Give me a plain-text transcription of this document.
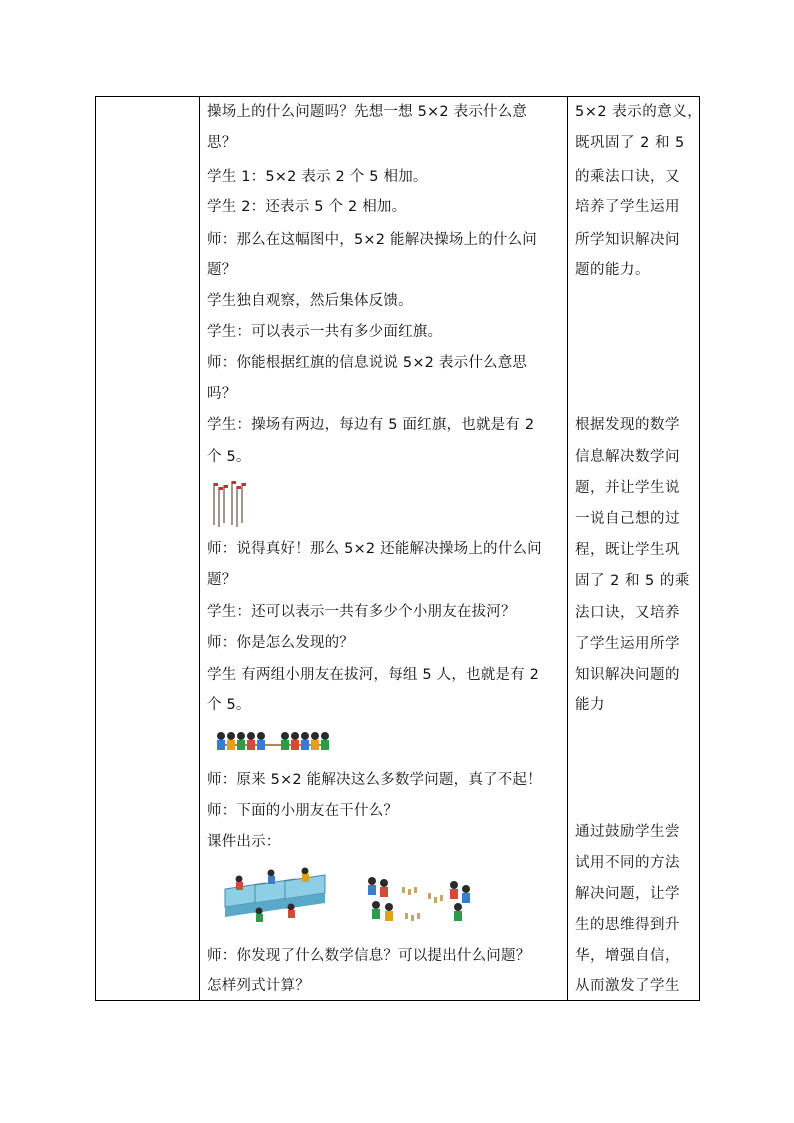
操场上的什么问题吗？先想一想 5×2 表示什么意
思？
学生 1：5×2 表示 2 个 5 相加。
学生 2：还表示 5 个 2 相加。
师：那么在这幅图中，5×2 能解决操场上的什么问
题？
学生独自观察，然后集体反馈。
学生：可以表示一共有多少面红旗。
师：你能根据红旗的信息说说 5×2 表示什么意思
吗？
学生：操场有两边，每边有 5 面红旗，也就是有 2
个 5。
师：说得真好！那么 5×2 还能解决操场上的什么问
题？
学生：还可以表示一共有多少个小朋友在拔河？
师：你是怎么发现的？
学生 有两组小朋友在拔河，每组 5 人，也就是有 2
个 5。
师：原来 5×2 能解决这么多数学问题，真了不起！
师：下面的小朋友在干什么？
课件出示：
师：你发现了什么数学信息？可以提出什么问题？
怎样列式计算？
5×2 表示的意义，
既巩固了 2 和 5
的乘法口诀，又
培养了学生运用
所学知识解决问
题的能力。
根据发现的数学
信息解决数学问
题，并让学生说
一说自己想的过
程，既让学生巩
固了 2 和 5 的乘
法口诀，又培养
了学生运用所学
知识解决问题的
能力
通过鼓励学生尝
试用不同的方法
解决问题，让学
生的思维得到升
华，增强自信，
从而激发了学生
